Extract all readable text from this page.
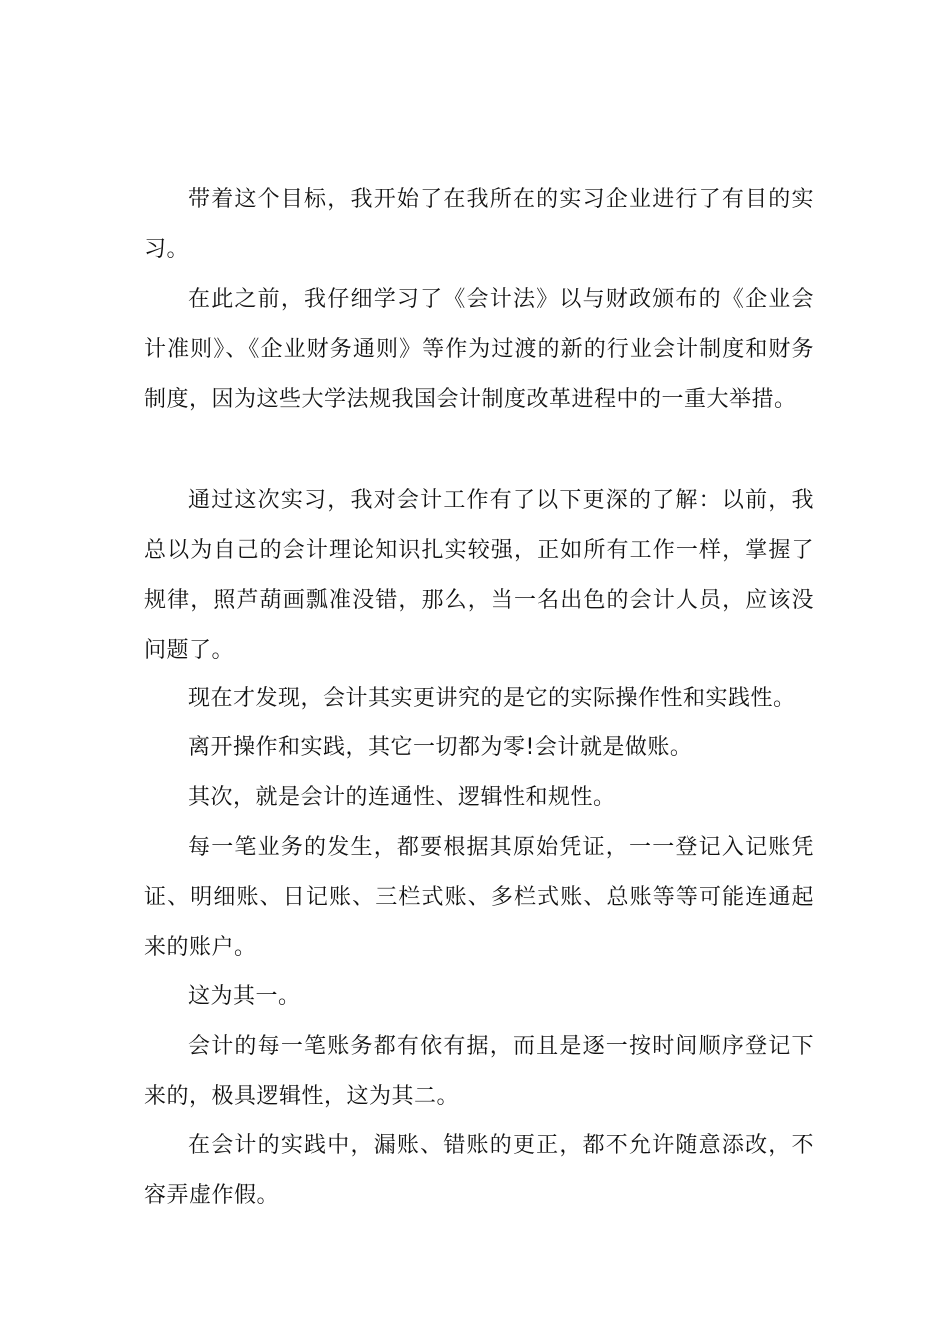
带着这个目标，我开始了在我所在的实习企业进行了有目的实习。

在此之前，我仔细学习了《会计法》以与财政颁布的《企业会计准则》、《企业财务通则》等作为过渡的新的行业会计制度和财务制度，因为这些大学法规我国会计制度改革进程中的一重大举措。

通过这次实习，我对会计工作有了以下更深的了解：以前，我总以为自己的会计理论知识扎实较强，正如所有工作一样，掌握了规律，照芦葫画瓢准没错，那么，当一名出色的会计人员，应该没问题了。

现在才发现，会计其实更讲究的是它的实际操作性和实践性。

离开操作和实践，其它一切都为零!会计就是做账。

其次，就是会计的连通性、逻辑性和规性。

每一笔业务的发生，都要根据其原始凭证，一一登记入记账凭证、明细账、日记账、三栏式账、多栏式账、总账等等可能连通起来的账户。

这为其一。

会计的每一笔账务都有依有据，而且是逐一按时间顺序登记下来的，极具逻辑性，这为其二。

在会计的实践中，漏账、错账的更正，都不允许随意添改，不容弄虚作假。
